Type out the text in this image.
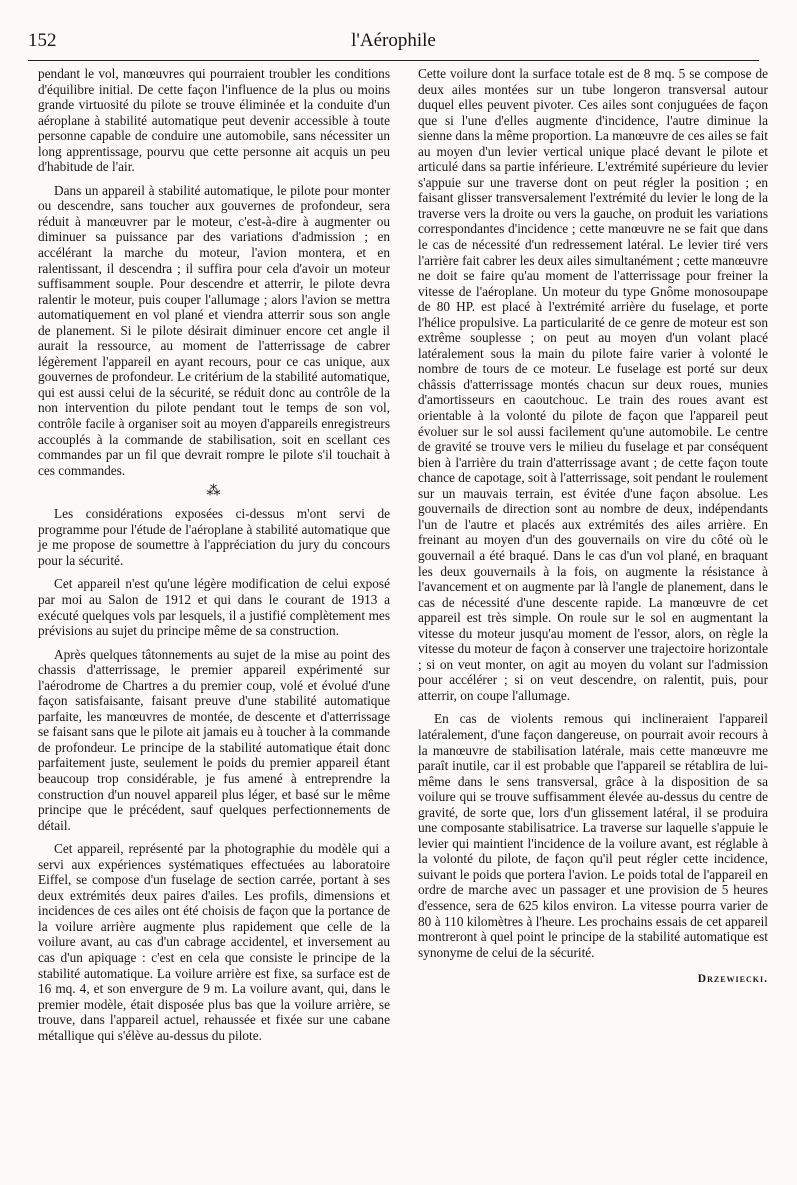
152	l'Aérophile

pendant le vol, manœuvres qui pourraient troubler les conditions d'équilibre initial. De cette façon l'influence de la plus ou moins grande virtuosité du pilote se trouve éliminée et la conduite d'un aéroplane à stabilité automatique peut devenir accessible à toute personne capable de conduire une automobile, sans nécessiter un long apprentissage, pourvu que cette personne ait acquis un peu d'habitude de l'air.

Dans un appareil à stabilité automatique, le pilote pour monter ou descendre, sans toucher aux gouvernes de profondeur, sera réduit à manœuvrer par le moteur, c'est-à-dire à augmenter ou diminuer sa puissance par des variations d'admission ; en accélérant la marche du moteur, l'avion montera, et en ralentissant, il descendra ; il suffira pour cela d'avoir un moteur suffisamment souple. Pour descendre et atterrir, le pilote devra ralentir le moteur, puis couper l'allumage ; alors l'avion se mettra automatiquement en vol plané et viendra atterrir sous son angle de planement. Si le pilote désirait diminuer encore cet angle il aurait la ressource, au moment de l'atterrissage de cabrer légèrement l'appareil en ayant recours, pour ce cas unique, aux gouvernes de profondeur. Le critérium de la stabilité automatique, qui est aussi celui de la sécurité, se réduit donc au contrôle de la non intervention du pilote pendant tout le temps de son vol, contrôle facile à organiser soit au moyen d'appareils enregistreurs accouplés à la commande de stabilisation, soit en scellant ces commandes par un fil que devrait rompre le pilote s'il touchait à ces commandes.

⁂

Les considérations exposées ci-dessus m'ont servi de programme pour l'étude de l'aéroplane à stabilité automatique que je me propose de soumettre à l'appréciation du jury du concours pour la sécurité.

Cet appareil n'est qu'une légère modification de celui exposé par moi au Salon de 1912 et qui dans le courant de 1913 a exécuté quelques vols par lesquels, il a justifié complètement mes prévisions au sujet du principe même de sa construction.

Après quelques tâtonnements au sujet de la mise au point des chassis d'atterrissage, le premier appareil expérimenté sur l'aérodrome de Chartres a du premier coup, volé et évolué d'une façon satisfaisante, faisant preuve d'une stabilité automatique parfaite, les manœuvres de montée, de descente et d'atterrissage se faisant sans que le pilote ait jamais eu à toucher à la commande de profondeur. Le principe de la stabilité automatique était donc parfaitement juste, seulement le poids du premier appareil étant beaucoup trop considérable, je fus amené à entreprendre la construction d'un nouvel appareil plus léger, et basé sur le même principe que le précédent, sauf quelques perfectionnements de détail.

Cet appareil, représenté par la photographie du modèle qui a servi aux expériences systématiques effectuées au laboratoire Eiffel, se compose d'un fuselage de section carrée, portant à ses deux extrémités deux paires d'ailes. Les profils, dimensions et incidences de ces ailes ont été choisis de façon que la portance de la voilure arrière augmente plus rapidement que celle de la voilure avant, au cas d'un cabrage accidentel, et inversement au cas d'un apiquage : c'est en cela que consiste le principe de la stabilité automatique. La voilure arrière est fixe, sa surface est de 16 mq. 4, et son envergure de 9 m. La voilure avant, qui, dans le premier modèle, était disposée plus bas que la voilure arrière, se trouve, dans l'appareil actuel, rehaussée et fixée sur une cabane métallique qui s'élève au-dessus du pilote.

Cette voilure dont la surface totale est de 8 mq. 5 se compose de deux ailes montées sur un tube longeron transversal autour duquel elles peuvent pivoter. Ces ailes sont conjuguées de façon que si l'une d'elles augmente d'incidence, l'autre diminue la sienne dans la même proportion. La manœuvre de ces ailes se fait au moyen d'un levier vertical unique placé devant le pilote et articulé dans sa partie inférieure. L'extrémité supérieure du levier s'appuie sur une traverse dont on peut régler la position ; en faisant glisser transversalement l'extrémité du levier le long de la traverse vers la droite ou vers la gauche, on produit les variations correspondantes d'incidence ; cette manœuvre ne se fait que dans le cas de nécessité d'un redressement latéral. Le levier tiré vers l'arrière fait cabrer les deux ailes simultanément ; cette manœuvre ne doit se faire qu'au moment de l'atterrissage pour freiner la vitesse de l'aéroplane. Un moteur du type Gnôme monosoupape de 80 HP. est placé à l'extrémité arrière du fuselage, et porte l'hélice propulsive. La particularité de ce genre de moteur est son extrême souplesse ; on peut au moyen d'un volant placé latéralement sous la main du pilote faire varier à volonté le nombre de tours de ce moteur. Le fuselage est porté sur deux châssis d'atterrissage montés chacun sur deux roues, munies d'amortisseurs en caoutchouc. Le train des roues avant est orientable à la volonté du pilote de façon que l'appareil peut évoluer sur le sol aussi facilement qu'une automobile. Le centre de gravité se trouve vers le milieu du fuselage et par conséquent bien à l'arrière du train d'atterrissage avant ; de cette façon toute chance de capotage, soit à l'atterrissage, soit pendant le roulement sur un mauvais terrain, est évitée d'une façon absolue. Les gouvernails de direction sont au nombre de deux, indépendants l'un de l'autre et placés aux extrémités des ailes arrière. En freinant au moyen d'un des gouvernails on vire du côté où le gouvernail a été braqué. Dans le cas d'un vol plané, en braquant les deux gouvernails à la fois, on augmente la résistance à l'avancement et on augmente par là l'angle de planement, dans le cas de nécessité d'une descente rapide. La manœuvre de cet appareil est très simple. On roule sur le sol en augmentant la vitesse du moteur jusqu'au moment de l'essor, alors, on règle la vitesse du moteur de façon à conserver une trajectoire horizontale ; si on veut monter, on agit au moyen du volant sur l'admission pour accélérer ; si on veut descendre, on ralentit, puis, pour atterrir, on coupe l'allumage.

En cas de violents remous qui inclineraient l'appareil latéralement, d'une façon dangereuse, on pourrait avoir recours à la manœuvre de stabilisation latérale, mais cette manœuvre me paraît inutile, car il est probable que l'appareil se rétablira de lui-même dans le sens transversal, grâce à la disposition de sa voilure qui se trouve suffisamment élevée au-dessus du centre de gravité, de sorte que, lors d'un glissement latéral, il se produira une composante stabilisatrice. La traverse sur laquelle s'appuie le levier qui maintient l'incidence de la voilure avant, est réglable à la volonté du pilote, de façon qu'il peut régler cette incidence, suivant le poids que portera l'avion. Le poids total de l'appareil en ordre de marche avec un passager et une provision de 5 heures d'essence, sera de 625 kilos environ. La vitesse pourra varier de 80 à 110 kilomètres à l'heure. Les prochains essais de cet appareil montreront à quel point le principe de la stabilité automatique est synonyme de celui de la sécurité.

Drzewiecki.
